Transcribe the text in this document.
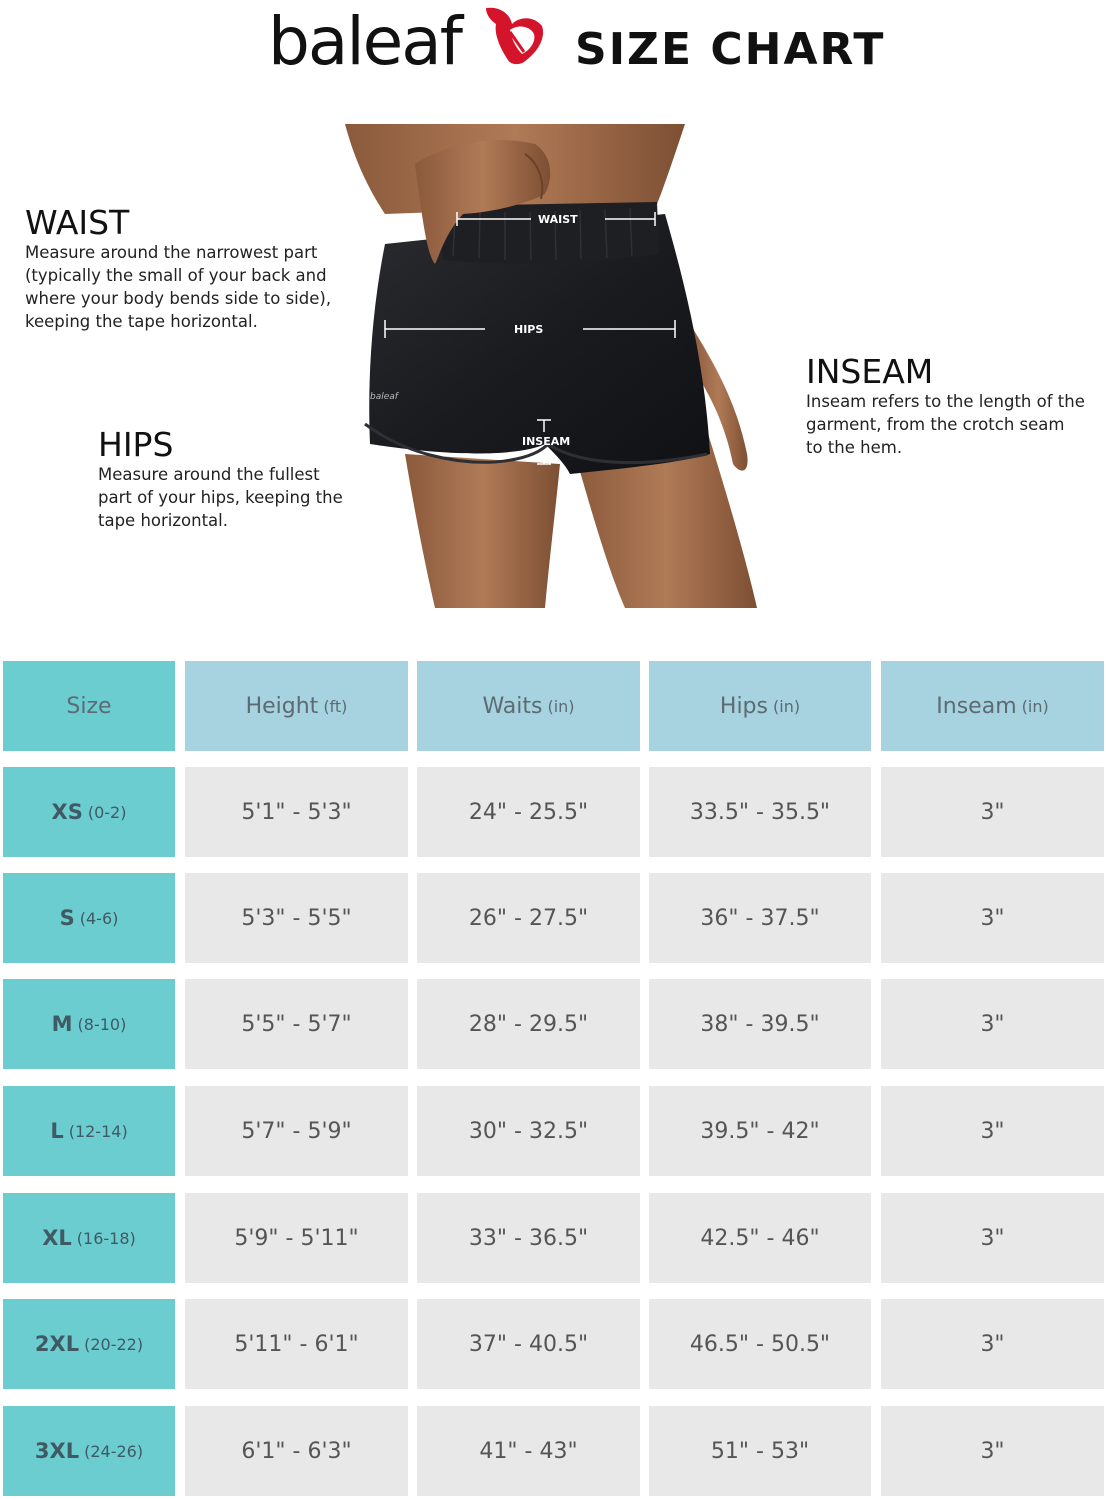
baleaf	SIZE CHART
WAIST
HIPS
INSEAM
baleaf
WAIST

Measure around the narrowest part (typically the small of your back and where your body bends side to side), keeping the tape horizontal.

HIPS

Measure around the fullest part of your hips, keeping the tape horizontal.

INSEAM

Inseam refers to the length of the garment, from the crotch seam to the hem.

Size	Height (ft)	Waits (in)	Hips (in)	Inseam (in)
XS (0-2)	5'1" - 5'3"	24" - 25.5"	33.5" - 35.5"	3"
S (4-6)	5'3" - 5'5"	26" - 27.5"	36" - 37.5"	3"
M (8-10)	5'5" - 5'7"	28" - 29.5"	38" - 39.5"	3"
L (12-14)	5'7" - 5'9"	30" - 32.5"	39.5" - 42"	3"
XL (16-18)	5'9" - 5'11"	33" - 36.5"	42.5" - 46"	3"
2XL (20-22)	5'11" - 6'1"	37" - 40.5"	46.5" - 50.5"	3"
3XL (24-26)	6'1" - 6'3"	41" - 43"	51" - 53"	3"
